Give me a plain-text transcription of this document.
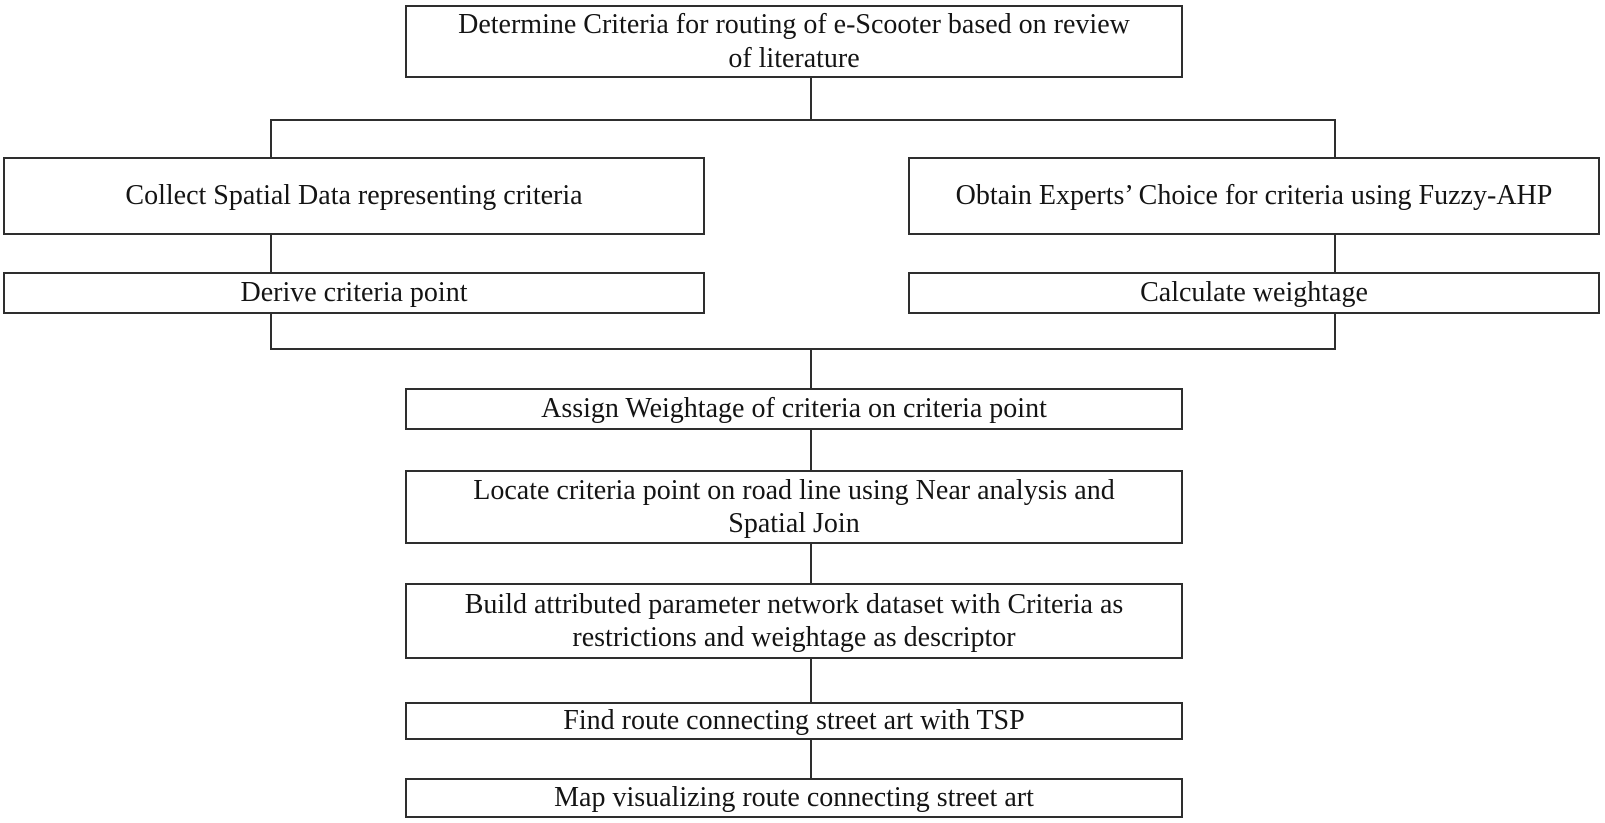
Determine Criteria for routing of e-Scooter based on review of literature
Collect Spatial Data representing criteria	Obtain Experts’ Choice for criteria using Fuzzy-AHP
Derive criteria point	Calculate weightage
Assign Weightage of criteria on criteria point
Locate criteria point on road line using Near analysis and Spatial Join
Build attributed parameter network dataset with Criteria as restrictions and weightage as descriptor
Find route connecting street art with TSP
Map visualizing route connecting street art
